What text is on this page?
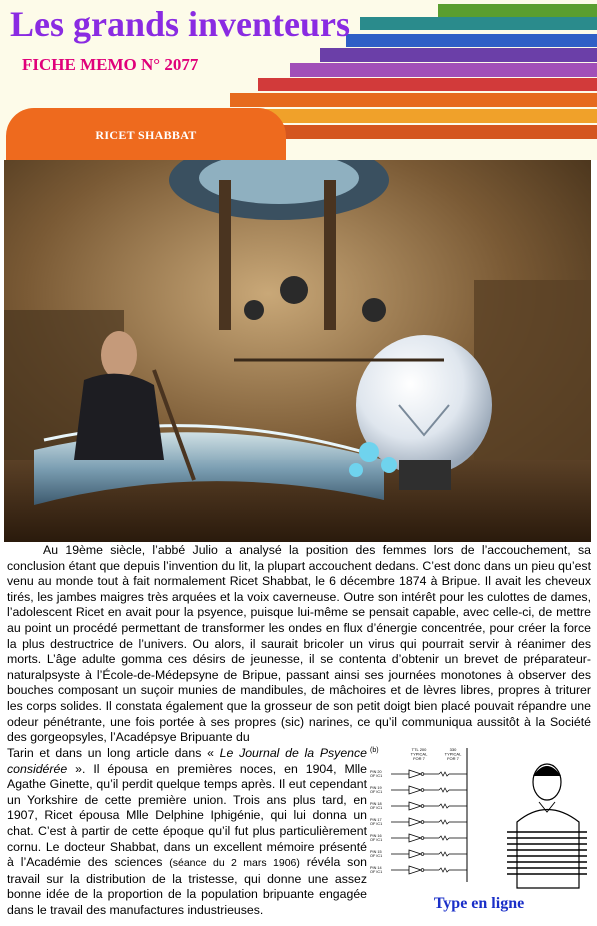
Les grands inventeurs
FICHE MEMO N° 2077
RICET SHABBAT

Au 19ème siècle, l’abbé Julio a analysé la position des femmes lors de l’accouchement, sa conclusion étant que depuis l’invention du lit, la plupart accouchent dedans. C’est donc dans un pieu qu’est venu au monde tout à fait normalement Ricet Shabbat, le 6 décembre 1874 à Bripue. Il avait les cheveux tirés, les jambes maigres très arquées et la voix caverneuse. Outre son intérêt pour les culottes de dames, l’adolescent Ricet en avait pour la psyence, puisque lui-même se pensait capable, avec celle-ci, de mettre au point un procédé permettant de transformer les ondes en flux d’énergie concentrée, pour créer la force la plus destructrice de l’univers. Ou alors, il saurait bricoler un virus qui pourrait servir à réanimer des morts. L’âge adulte gomma ces désirs de jeunesse, il se contenta d’obtenir un brevet de préparateur-naturalpsyste à l’École-de-Médepsyne de Bripue, passant ainsi ses journées monotones à observer des bouches composant un suçoir munies de mandibules, de mâchoires et de lèvres libres, propres à triturer les corps solides. Il constata également que la grosseur de son petit doigt bien placé pouvait répandre une odeur pénétrante, une fois portée à ses propres (sic) narines, ce qu’il communiqua aussitôt à la Société des gorgeopsyles, l’Acadépsye Bripuante du

Tarin et dans un long article dans « Le Journal de la Psyence considérée ». Il épousa en premières noces, en 1904, Mlle Agathe Ginette, qu’il perdit quelque temps après. Il eut cependant un Yorkshire de cette première union. Trois ans plus tard, en 1907, Ricet épousa Mlle Delphine Iphigénie, qui lui donna un chat. C’est à partir de cette époque qu’il fut plus particulièrement cornu. Le docteur Shabbat, dans un excellent mémoire présenté à l’Académie des sciences (séance du 2 mars 1906) révéla son travail sur la distribution de la tristesse, qui donne une assez bonne idée de la proportion de la population bripuante engagée dans le travail des manufactures industrieuses.

(b)	TTL 200 TYPICAL FOR 7
330 TYPICAL FOR 7
PIN 20 OF IC1
PIN 19 OF IC1
PIN 18 OF IC1
PIN 17 OF IC1
PIN 16 OF IC1
PIN 15 OF IC1
PIN 14 OF IC1
Type en ligne
